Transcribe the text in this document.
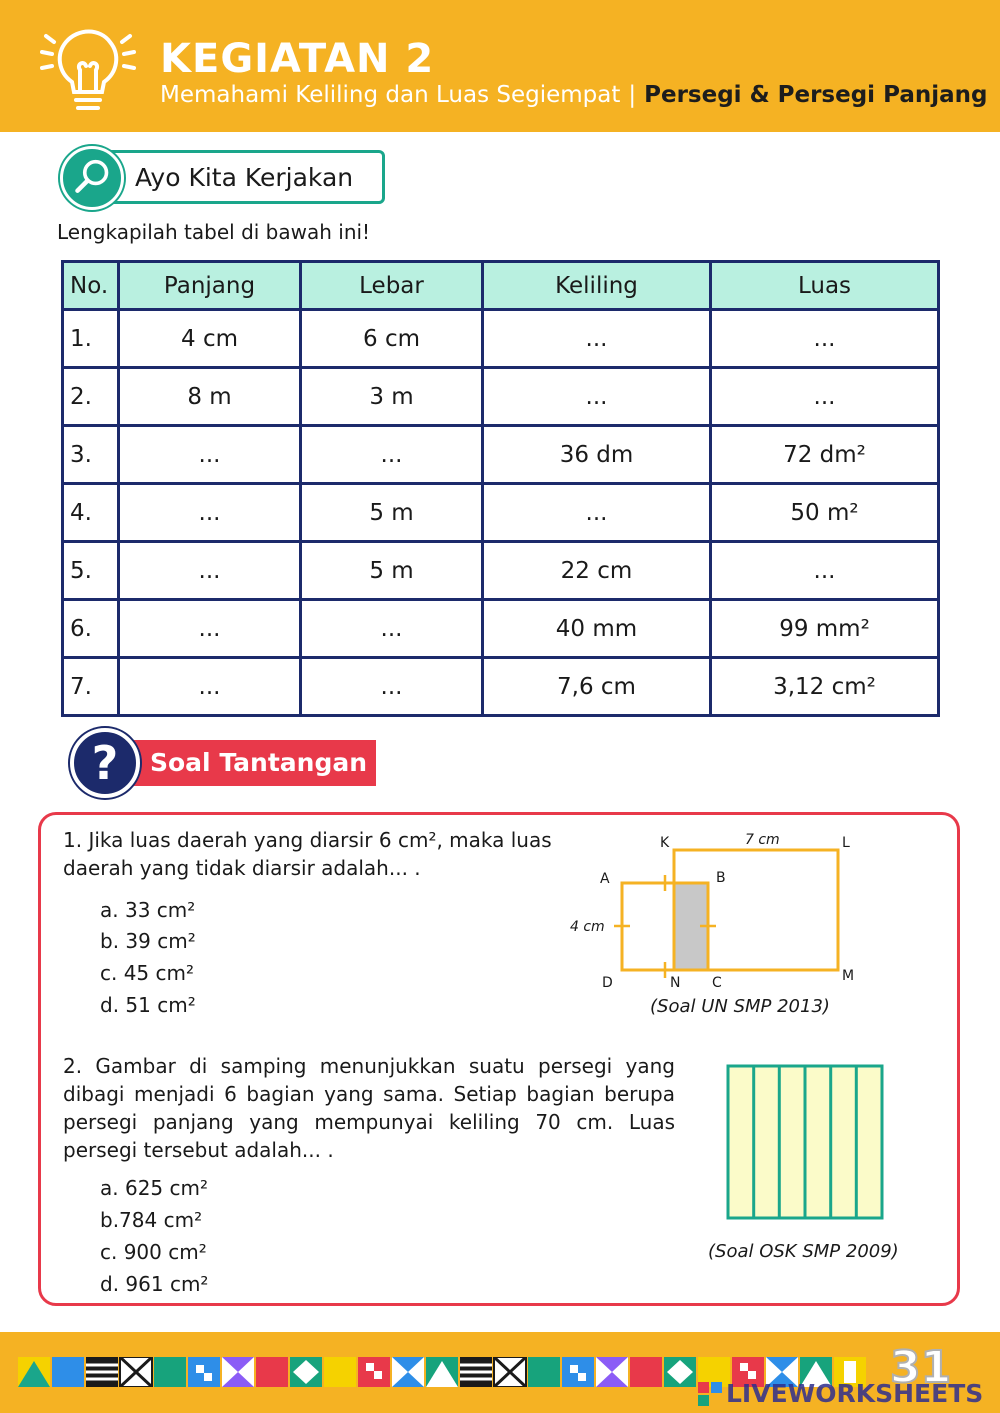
KEGIATAN 2
Memahami Keliling dan Luas Segiempat | Persegi & Persegi Panjang
Ayo Kita Kerjakan
Lengkapilah tabel di bawah ini!
No.	Panjang	Lebar	Keliling	Luas
1.	4 cm	6 cm	...	...
2.	8 m	3 m	...	...
3.	...	...	36 dm	72 dm²
4.	...	5 m	...	50 m²
5.	...	5 m	22 cm	...
6.	...	...	40 mm	99 mm²
7.	...	...	7,6 cm	3,12 cm²
Soal Tantangan
?
1. Jika luas daerah yang diarsir 6 cm², maka luas daerah yang tidak diarsir adalah... .
a. 33 cm²
b. 39 cm²
c. 45 cm²
d. 51 cm²
K	L
A	B
D	N C	M
7 cm
4 cm
(Soal UN SMP 2013)
2. Gambar di samping menunjukkan suatu persegi yang dibagi menjadi 6 bagian yang sama. Setiap bagian berupa persegi panjang yang mempunyai keliling 70 cm. Luas persegi tersebut adalah... .
a. 625 cm²
b.784 cm²
c. 900 cm²
d. 961 cm²
(Soal OSK SMP 2009)
31
LIVEWORKSHEETS
